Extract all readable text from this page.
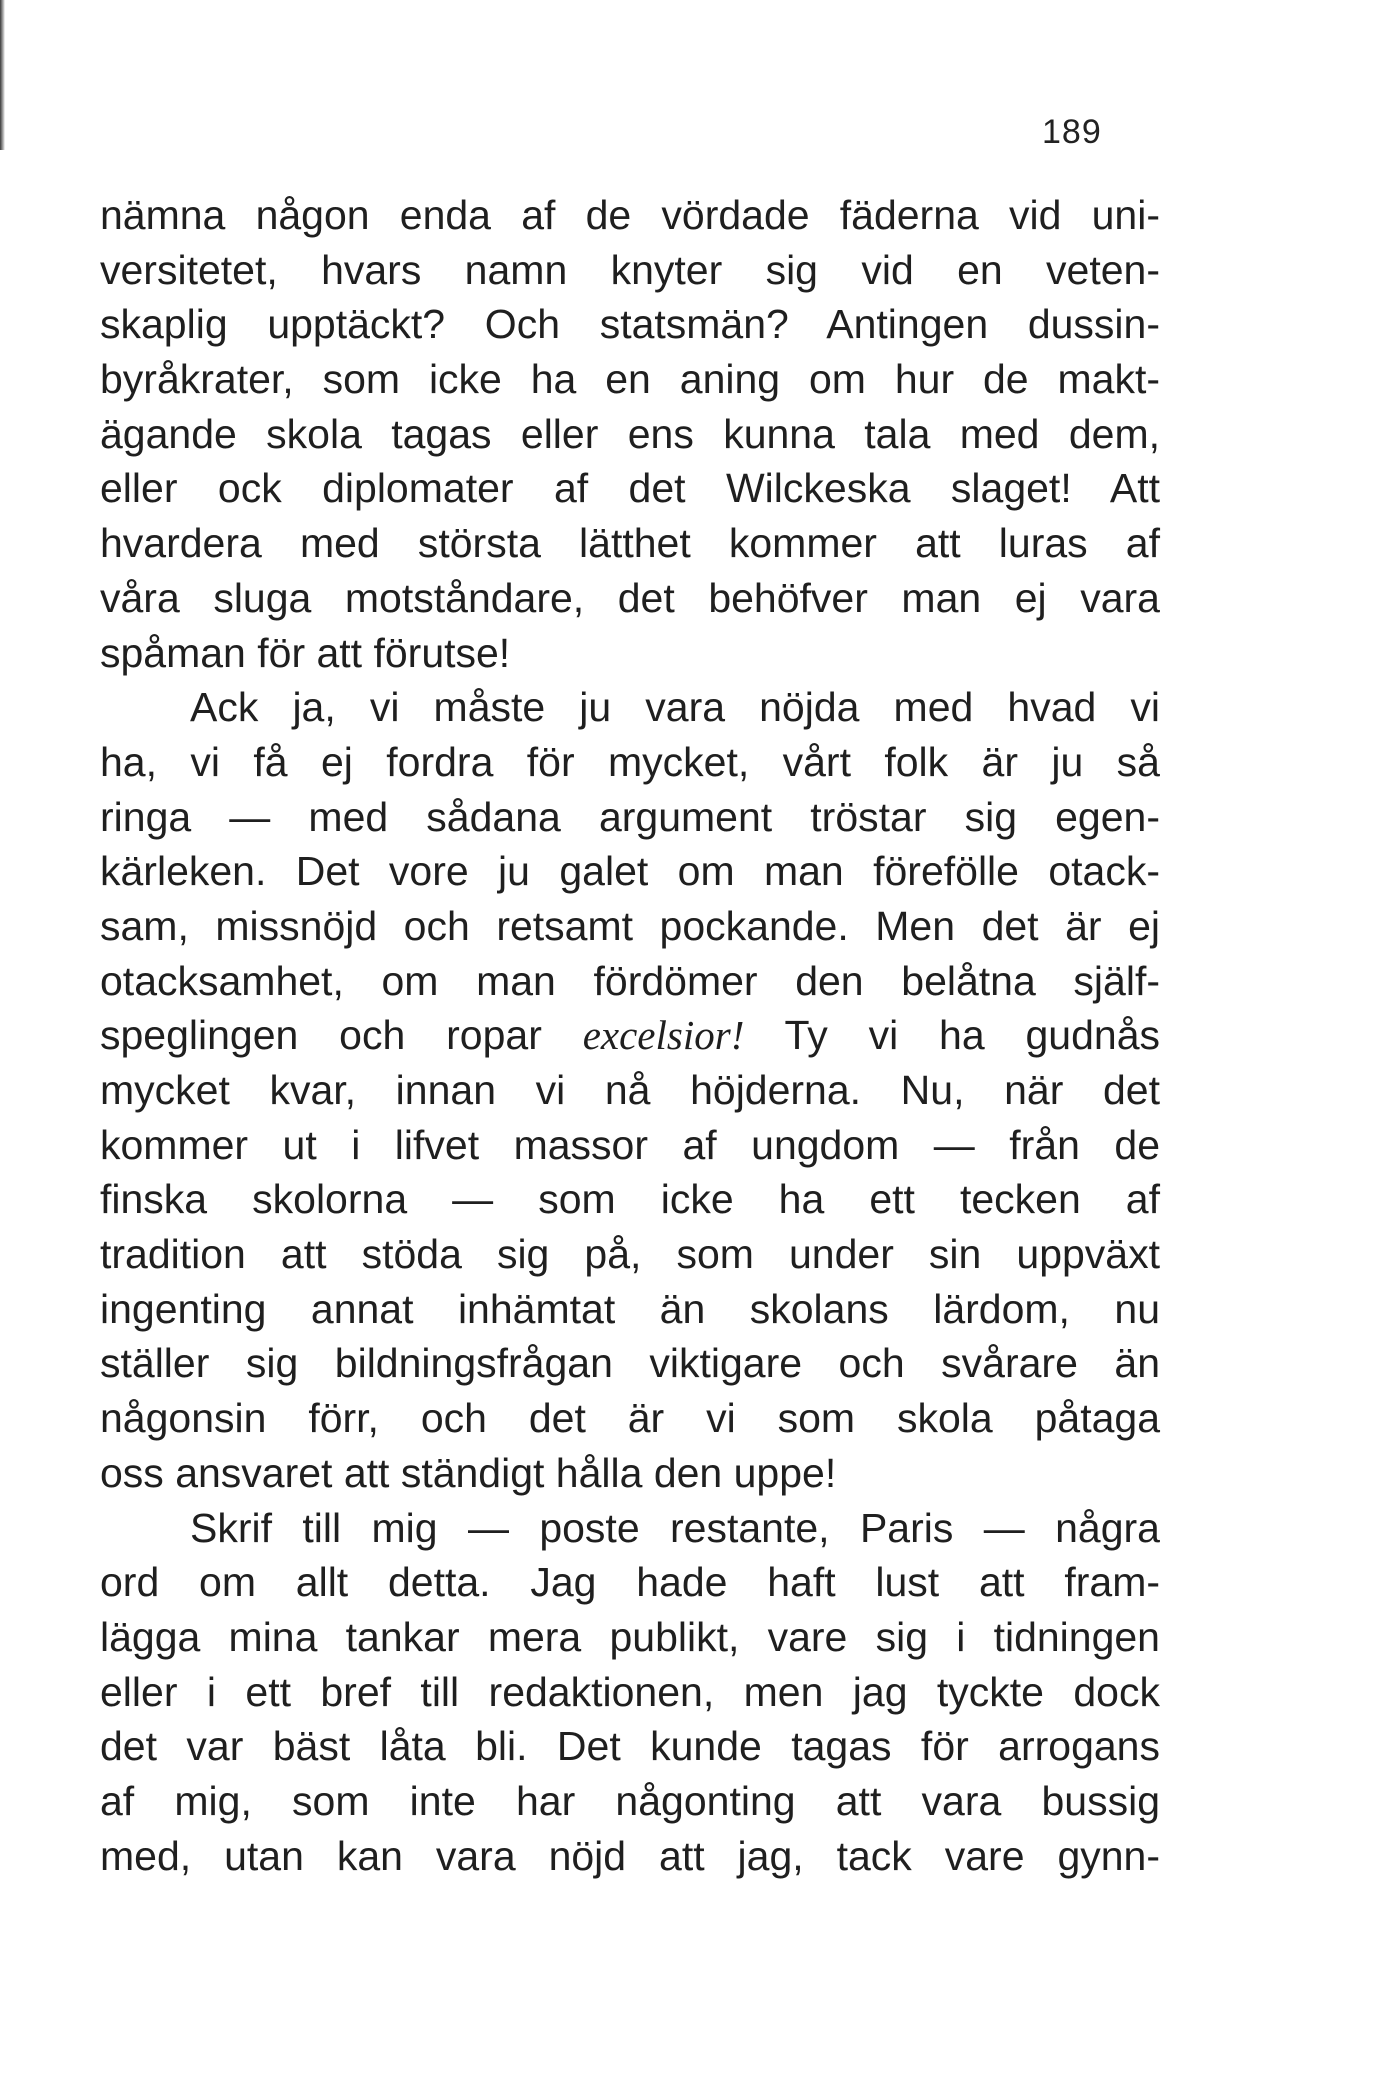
189
nämna någon enda af de vördade fäderna vid uni-
versitetet, hvars namn knyter sig vid en veten-
skaplig upptäckt? Och statsmän? Antingen dussin-
byråkrater, som icke ha en aning om hur de makt-
ägande skola tagas eller ens kunna tala med dem,
eller ock diplomater af det Wilckeska slaget! Att
hvardera med största lätthet kommer att luras af
våra sluga motståndare, det behöfver man ej vara
spåman för att förutse!
Ack ja, vi måste ju vara nöjda med hvad vi
ha, vi få ej fordra för mycket, vårt folk är ju så
ringa — med sådana argument tröstar sig egen-
kärleken. Det vore ju galet om man föreföllе otack-
sam, missnöjd och retsamt pockande. Men det är ej
otacksamhet, om man fördömer den belåtna själf-
speglingen och ropar excelsior! Ty vi ha gudnås
mycket kvar, innan vi nå höjderna. Nu, när det
kommer ut i lifvet massor af ungdom — från de
finska skolorna — som icke ha ett tecken af
tradition att stöda sig på, som under sin uppväxt
ingenting annat inhämtat än skolans lärdom, nu
ställer sig bildningsfrågan viktigare och svårare än
någonsin förr, och det är vi som skola påtaga
oss ansvaret att ständigt hålla den uppe!
Skrif till mig — poste restante, Paris — några
ord om allt detta. Jag hade haft lust att fram-
lägga mina tankar mera publikt, vare sig i tidningen
eller i ett bref till redaktionen, men jag tyckte dock
det var bäst låta bli. Det kunde tagas för arrogans
af mig, som inte har någonting att vara bussig
med, utan kan vara nöjd att jag, tack vare gynn-
